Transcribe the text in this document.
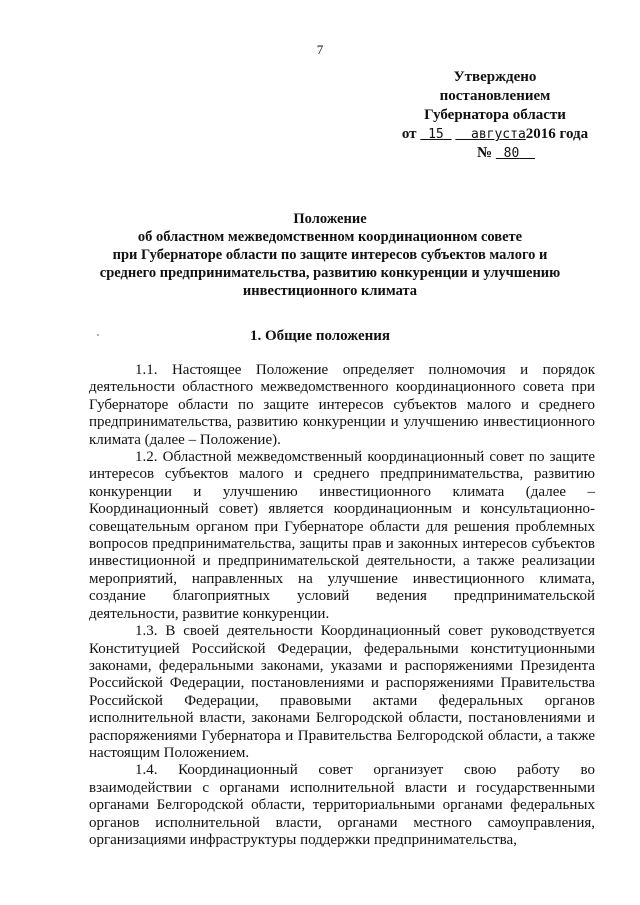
7
Утверждено
постановлением
Губернатора области
от 15 августа2016 года
№ 80
Положение
об областном межведомственном координационном совете
при Губернаторе области по защите интересов субъектов малого и
среднего предпринимательства, развитию конкуренции и улучшению
инвестиционного климата
1. Общие положения

1.1. Настоящее Положение определяет полномочия и порядок деятельности областного межведомственного координационного совета при Губернаторе области по защите интересов субъектов малого и среднего предпринимательства, развитию конкуренции и улучшению инвестиционного климата (далее – Положение).

1.2. Областной межведомственный координационный совет по защите интересов субъектов малого и среднего предпринимательства, развитию конкуренции и улучшению инвестиционного климата (далее – Координационный совет) является координационным и консультационно-совещательным органом при Губернаторе области для решения проблемных вопросов предпринимательства, защиты прав и законных интересов субъектов инвестиционной и предпринимательской деятельности, а также реализации мероприятий, направленных на улучшение инвестиционного климата, создание благоприятных условий ведения предпринимательской деятельности, развитие конкуренции.

1.3. В своей деятельности Координационный совет руководствуется Конституцией Российской Федерации, федеральными конституционными законами, федеральными законами, указами и распоряжениями Президента Российской Федерации, постановлениями и распоряжениями Правительства Российской Федерации, правовыми актами федеральных органов исполнительной власти, законами Белгородской области, постановлениями и распоряжениями Губернатора и Правительства Белгородской области, а также настоящим Положением.

1.4. Координационный совет организует свою работу во взаимодействии с органами исполнительной власти и государственными органами Белгородской области, территориальными органами федеральных органов исполнительной власти, органами местного самоуправления, организациями инфраструктуры поддержки предпринимательства,
